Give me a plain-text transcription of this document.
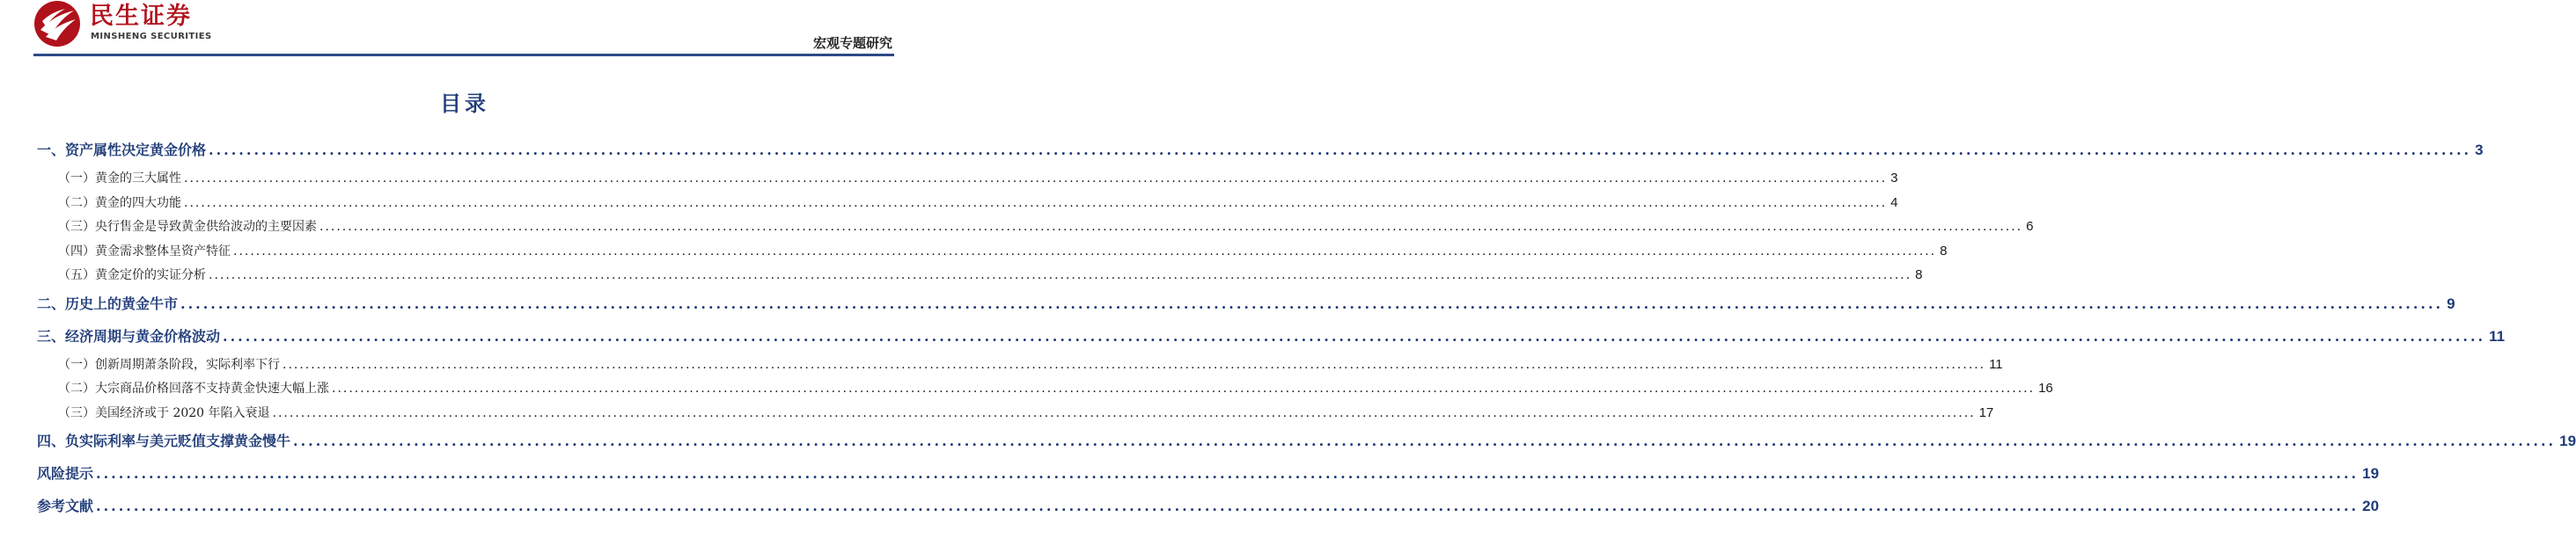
民生证券
MINSHENG SECURITIES	宏观专题研究
目录
一、资产属性决定黄金价格 ............................................................................................................................................................................................................................................................................................................ 3
（一）黄金的三大属性 ............................................................................................................................................................................................................................................................................................................ 3
（二）黄金的四大功能 ............................................................................................................................................................................................................................................................................................................ 4
（三）央行售金是导致黄金供给波动的主要因素 ............................................................................................................................................................................................................................................................................................................ 6
（四）黄金需求整体呈资产特征 ............................................................................................................................................................................................................................................................................................................ 8
（五）黄金定价的实证分析 ............................................................................................................................................................................................................................................................................................................ 8
二、历史上的黄金牛市 ............................................................................................................................................................................................................................................................................................................ 9
三、经济周期与黄金价格波动 ............................................................................................................................................................................................................................................................................................................ 11
（一）创新周期萧条阶段，实际利率下行 ............................................................................................................................................................................................................................................................................................................ 11
（二）大宗商品价格回落不支持黄金快速大幅上涨 ............................................................................................................................................................................................................................................................................................................ 16
（三）美国经济或于 2020 年陷入衰退 ............................................................................................................................................................................................................................................................................................................ 17
四、负实际利率与美元贬值支撑黄金慢牛 ............................................................................................................................................................................................................................................................................................................ 19
风险提示 ............................................................................................................................................................................................................................................................................................................ 19
参考文献 ............................................................................................................................................................................................................................................................................................................ 20
